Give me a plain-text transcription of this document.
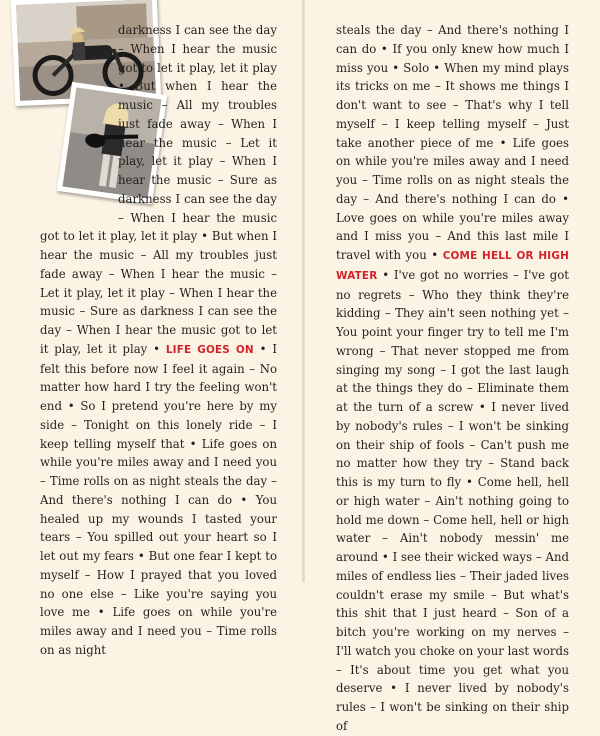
darkness I can see the day – When I hear the music got to let it play, let it play • But when I hear the music – All my troubles just fade away – When I hear the music – Let it play, let it play – When I hear the music – Sure as darkness I can see the day – When I hear the music got to let it play, let it play • But when I hear the music – All my troubles just fade away – When I hear the music – Let it play, let it play – When I hear the music – Sure as darkness I can see the day – When I hear the music got to let it play, let it play • LIFE GOES ON • I felt this before now I feel it again – No matter how hard I try the feeling won't end • So I pretend you're here by my side – Tonight on this lonely ride – I keep telling myself that • Life goes on while you're miles away and I need you – Time rolls on as night steals the day – And there's nothing I can do • You healed up my wounds I tasted your tears – You spilled out your heart so I let out my fears • But one fear I kept to myself – How I prayed that you loved no one else – Like you're saying you love me • Life goes on while you're miles away and I need you – Time rolls on as night

steals the day – And there's nothing I can do • If you only knew how much I miss you • Solo • When my mind plays its tricks on me – It shows me things I don't want to see – That's why I tell myself – I keep telling myself – Just take another piece of me • Life goes on while you're miles away and I need you – Time rolls on as night steals the day – And there's nothing I can do • Love goes on while you're miles away and I miss you – And this last mile I travel with you • COME HELL OR HIGH WATER • I've got no worries – I've got no regrets – Who they think they're kidding – They ain't seen nothing yet – You point your finger try to tell me I'm wrong – That never stopped me from singing my song – I got the last laugh at the things they do – Eliminate them at the turn of a screw • I never lived by nobody's rules – I won't be sinking on their ship of fools – Can't push me no matter how they try – Stand back this is my turn to fly • Come hell, hell or high water – Ain't nothing going to hold me down – Come hell, hell or high water – Ain't nobody messin' me around • I see their wicked ways – And miles of endless lies – Their jaded lives couldn't erase my smile – But what's this shit that I just heard – Son of a bitch you're working on my nerves – I'll watch you choke on your last words – It's about time you get what you deserve • I never lived by nobody's rules – I won't be sinking on their ship of
